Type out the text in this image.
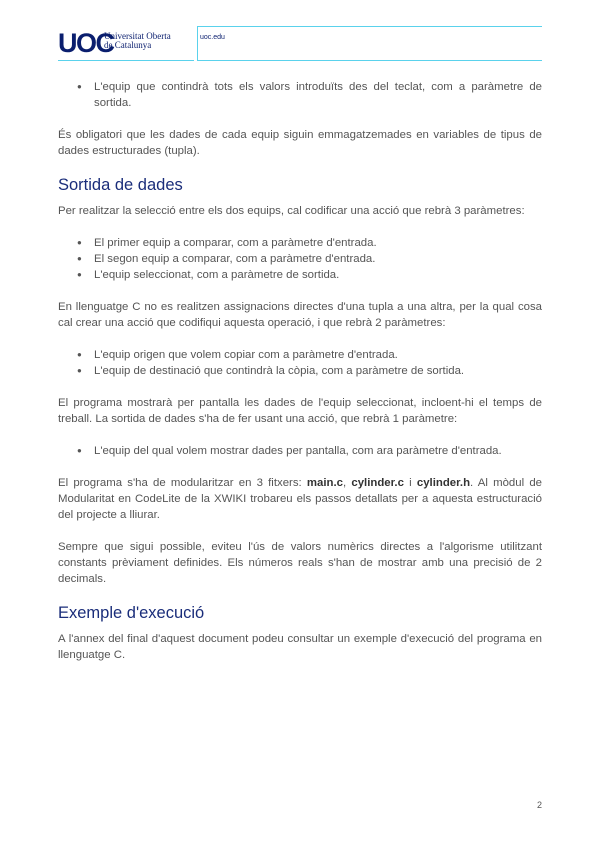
UOC
Universitat Oberta
de Catalunya
uoc.edu
● L'equip que contindrà tots els valors introduïts des del teclat, com a paràmetre de sortida.

És obligatori que les dades de cada equip siguin emmagatzemades en variables de tipus de dades estructurades (tupla).

Sortida de dades

Per realitzar la selecció entre els dos equips, cal codificar una acció que rebrà 3 paràmetres:

● El primer equip a comparar, com a paràmetre d'entrada.
● El segon equip a comparar, com a paràmetre d'entrada.
● L'equip seleccionat, com a paràmetre de sortida.

En llenguatge C no es realitzen assignacions directes d'una tupla a una altra, per la qual cosa cal crear una acció que codifiqui aquesta operació, i que rebrà 2 paràmetres:

● L'equip origen que volem copiar com a paràmetre d'entrada.
● L'equip de destinació que contindrà la còpia, com a paràmetre de sortida.

El programa mostrarà per pantalla les dades de l'equip seleccionat, incloent-hi el temps de treball. La sortida de dades s'ha de fer usant una acció, que rebrà 1 paràmetre:

● L'equip del qual volem mostrar dades per pantalla, com ara paràmetre d'entrada.

El programa s'ha de modularitzar en 3 fitxers: main.c, cylinder.c i cylinder.h. Al mòdul de Modularitat en CodeLite de la XWIKI trobareu els passos detallats per a aquesta estructuració del projecte a lliurar.

Sempre que sigui possible, eviteu l'ús de valors numèrics directes a l'algorisme utilitzant constants prèviament definides. Els números reals s'han de mostrar amb una precisió de 2 decimals.

Exemple d'execució

A l'annex del final d'aquest document podeu consultar un exemple d'execució del programa en llenguatge C.

2
